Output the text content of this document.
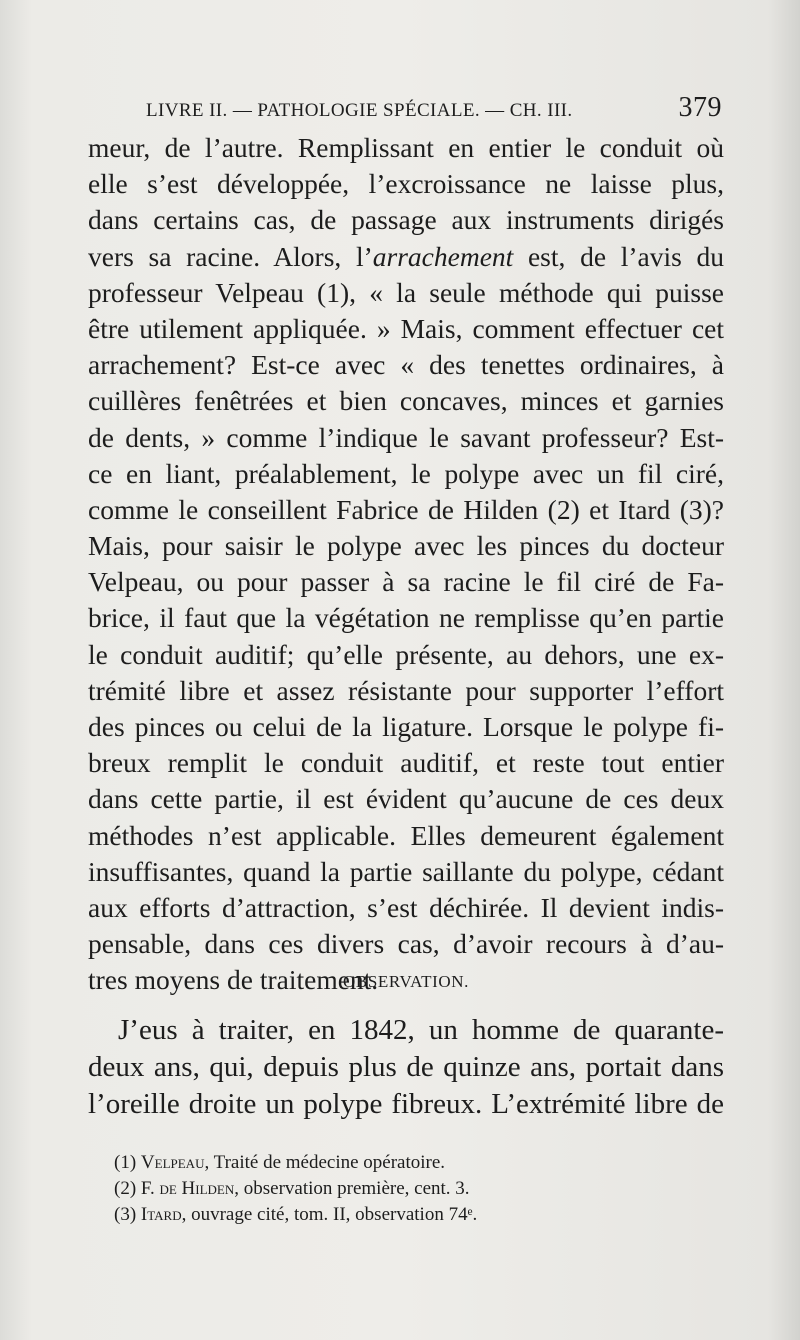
LIVRE II. — PATHOLOGIE SPÉCIALE. — CH. III.	379
meur, de l’autre. Remplissant en entier le conduit où
elle s’est développée, l’excroissance ne laisse plus,
dans certains cas, de passage aux instruments dirigés
vers sa racine. Alors, l’arrachement est, de l’avis du
professeur Velpeau (1), « la seule méthode qui puisse
être utilement appliquée. » Mais, comment effectuer cet
arrachement? Est-ce avec « des tenettes ordinaires, à
cuillères fenêtrées et bien concaves, minces et garnies
de dents, » comme l’indique le savant professeur? Est-
ce en liant, préalablement, le polype avec un fil ciré,
comme le conseillent Fabrice de Hilden (2) et Itard (3)?
Mais, pour saisir le polype avec les pinces du docteur
Velpeau, ou pour passer à sa racine le fil ciré de Fa-
brice, il faut que la végétation ne remplisse qu’en partie
le conduit auditif; qu’elle présente, au dehors, une ex-
trémité libre et assez résistante pour supporter l’effort
des pinces ou celui de la ligature. Lorsque le polype fi-
breux remplit le conduit auditif, et reste tout entier
dans cette partie, il est évident qu’aucune de ces deux
méthodes n’est applicable. Elles demeurent également
insuffisantes, quand la partie saillante du polype, cédant
aux efforts d’attraction, s’est déchirée. Il devient indis-
pensable, dans ces divers cas, d’avoir recours à d’au-
tres moyens de traitement.
OBSERVATION.
J’eus à traiter, en 1842, un homme de quarante-
deux ans, qui, depuis plus de quinze ans, portait dans
l’oreille droite un polype fibreux. L’extrémité libre de
(1) Velpeau, Traité de médecine opératoire.
(2) F. de Hilden, observation première, cent. 3.
(3) Itard, ouvrage cité, tom. II, observation 74ᵉ.
